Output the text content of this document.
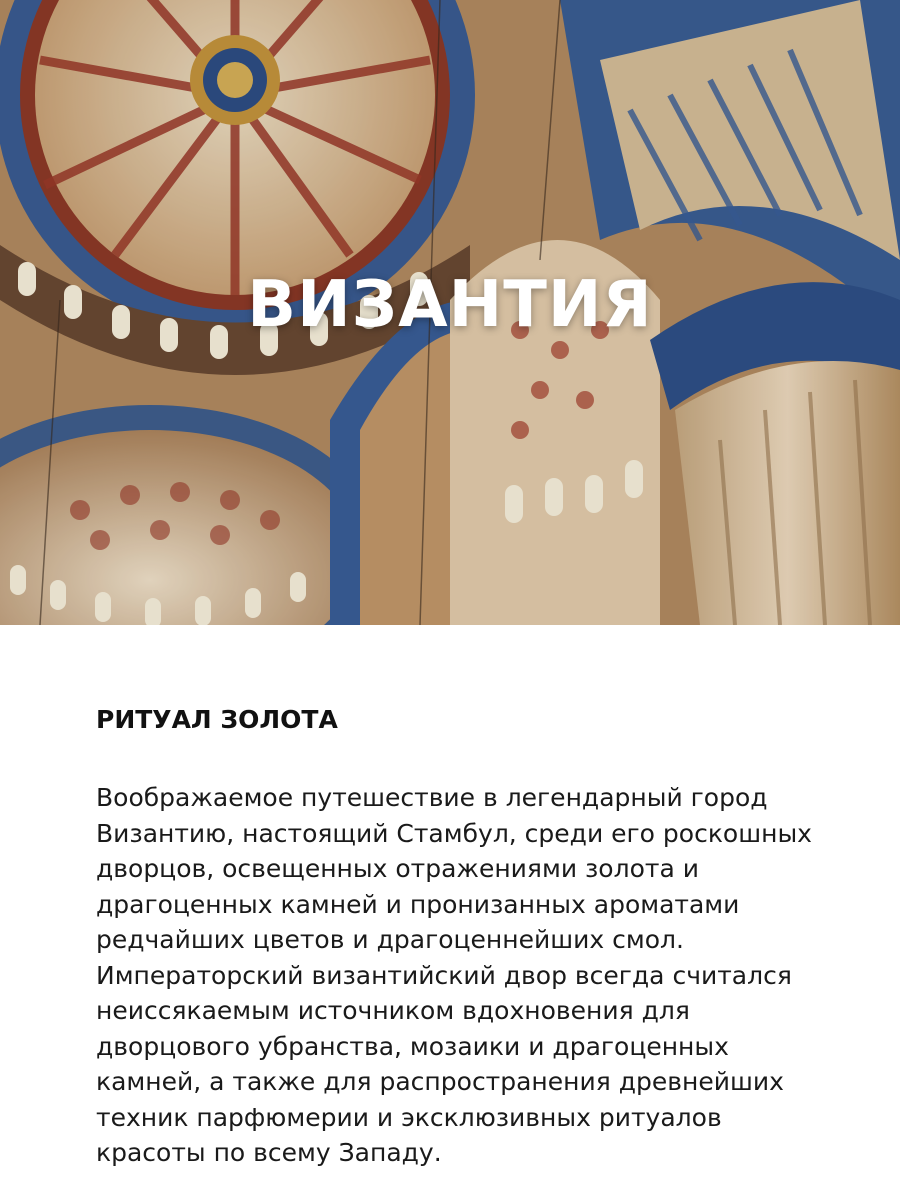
ВИЗАНТИЯ
РИТУАЛ ЗОЛОТА

Воображаемое путешествие в легендарный город Византию, настоящий Стамбул, среди его роскошных дворцов, освещенных отражениями золота и драгоценных камней и пронизанных ароматами редчайших цветов и драгоценнейших смол. Императорский византийский двор всегда считался неиссякаемым источником вдохновения для дворцового убранства, мозаики и драгоценных камней, а также для распространения древнейших техник парфюмерии и эксклюзивных ритуалов красоты по всему Западу.
